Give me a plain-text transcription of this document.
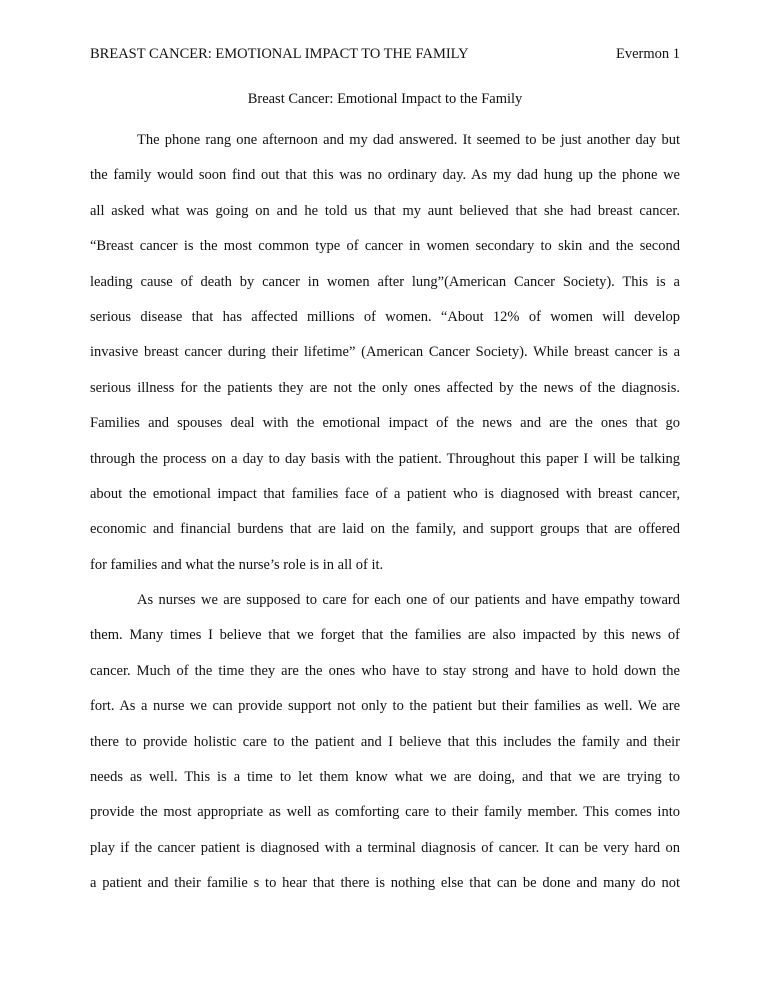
BREAST CANCER: EMOTIONAL IMPACT TO THE FAMILY	Evermon 1
Breast Cancer: Emotional Impact to the Family
The phone rang one afternoon and my dad answered. It seemed to be just another day but
the family would soon find out that this was no ordinary day. As my dad hung up the phone we
all asked what was going on and he told us that my aunt believed that she had breast cancer.
“Breast cancer is the most common type of cancer in women secondary to skin and the second
leading cause of death by cancer in women after lung”(American Cancer Society). This is a
serious disease that has affected millions of women. “About 12% of women will develop
invasive breast cancer during their lifetime” (American Cancer Society). While breast cancer is a
serious illness for the patients they are not the only ones affected by the news of the diagnosis.
Families and spouses deal with the emotional impact of the news and are the ones that go
through the process on a day to day basis with the patient. Throughout this paper I will be talking
about the emotional impact that families face of a patient who is diagnosed with breast cancer,
economic and financial burdens that are laid on the family, and support groups that are offered
for families and what the nurse’s role is in all of it.
As nurses we are supposed to care for each one of our patients and have empathy toward
them. Many times I believe that we forget that the families are also impacted by this news of
cancer. Much of the time they are the ones who have to stay strong and have to hold down the
fort. As a nurse we can provide support not only to the patient but their families as well. We are
there to provide holistic care to the patient and I believe that this includes the family and their
needs as well. This is a time to let them know what we are doing, and that we are trying to
provide the most appropriate as well as comforting care to their family member. This comes into
play if the cancer patient is diagnosed with a terminal diagnosis of cancer. It can be very hard on
a patient and their familie s to hear that there is nothing else that can be done and many do not
